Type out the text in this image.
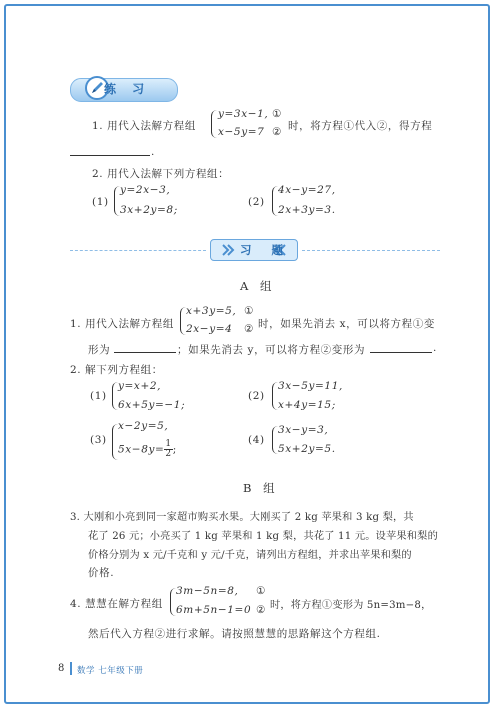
练 习
1. 用代入法解方程组
y=3x−1, ①
x−5y=7 ② 时，将方程①代入②，得方程
.
2. 用代入法解下列方程组：
(1)
y=2x−3,
3x+2y=8;
(2)
4x−y=27,
2x+3y=3.
习 题
A 组
1. 用代入法解方程组
x+3y=5, ①
2x−y=4 ② 时，如果先消去 x，可以将方程①变
形为	；如果先消去 y，可以将方程②变形为	.
2. 解下列方程组：
(1)
y=x+2,
6x+5y=−1;
(2)
3x−5y=11,
x+4y=15;
(3)
x−2y=5,
$5x-8y= \frac{1}{2}$ ;
(4)
3x−y=3,
5x+2y=5.
B 组
3. 大刚和小亮到同一家超市购买水果。大刚买了 2 kg 苹果和 3 kg 梨，共
花了 26 元；小亮买了 1 kg 苹果和 1 kg 梨，共花了 11 元。设苹果和梨的
价格分别为 x 元/千克和 y 元/千克，请列出方程组，并求出苹果和梨的
价格.
4. 慧慧在解方程组
3m−5n=8, ①
6m+5n−1=0 ② 时，将方程①变形为 5n=3m−8，
然后代入方程②进行求解。请按照慧慧的思路解这个方程组.
8 数学 七年级下册
